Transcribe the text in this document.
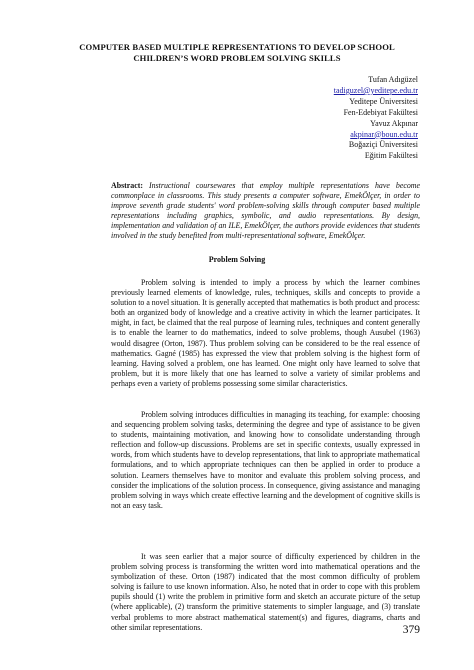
COMPUTER BASED MULTIPLE REPRESENTATIONS TO DEVELOP SCHOOL
CHILDREN’S WORD PROBLEM SOLVING SKILLS
Tufan Adıgüzel
tadiguzel@yeditepe.edu.tr
Yeditepe Üniversitesi
Fen-Edebiyat Fakültesi
Yavuz Akpınar
akpinar@boun.edu.tr
Boğaziçi Üniversitesi
Eğitim Fakültesi

Abstract: Instructional coursewares that employ multiple representations have become commonplace in classrooms. This study presents a computer software, EmekÖlçer, in order to improve seventh grade students' word problem-solving skills through computer based multiple representations including graphics, symbolic, and audio representations. By design, implementation and validation of an ILE, EmekÖlçer, the authors provide evidences that students involved in the study benefited from multi-representational software, EmekÖlçer.

Problem Solving

Problem solving is intended to imply a process by which the learner combines previously learned elements of knowledge, rules, techniques, skills and concepts to provide a solution to a novel situation. It is generally accepted that mathematics is both product and process: both an organized body of knowledge and a creative activity in which the learner participates. It might, in fact, be claimed that the real purpose of learning rules, techniques and content generally is to enable the learner to do mathematics, indeed to solve problems, though Ausubel (1963) would disagree (Orton, 1987). Thus problem solving can be considered to be the real essence of mathematics. Gagné (1985) has expressed the view that problem solving is the highest form of learning. Having solved a problem, one has learned. One might only have learned to solve that problem, but it is more likely that one has learned to solve a variety of similar problems and perhaps even a variety of problems possessing some similar characteristics.

Problem solving introduces difficulties in managing its teaching, for example: choosing and sequencing problem solving tasks, determining the degree and type of assistance to be given to students, maintaining motivation, and knowing how to consolidate understanding through reflection and follow-up discussions. Problems are set in specific contexts, usually expressed in words, from which students have to develop representations, that link to appropriate mathematical formulations, and to which appropriate techniques can then be applied in order to produce a solution. Learners themselves have to monitor and evaluate this problem solving process, and consider the implications of the solution process. In consequence, giving assistance and managing problem solving in ways which create effective learning and the development of cognitive skills is not an easy task.

It was seen earlier that a major source of difficulty experienced by children in the problem solving process is transforming the written word into mathematical operations and the symbolization of these. Orton (1987) indicated that the most common difficulty of problem solving is failure to use known information. Also, he noted that in order to cope with this problem pupils should (1) write the problem in primitive form and sketch an accurate picture of the setup (where applicable), (2) transform the primitive statements to simpler language, and (3) translate verbal problems to more abstract mathematical statement(s) and figures, diagrams, charts and other similar representations.	379
